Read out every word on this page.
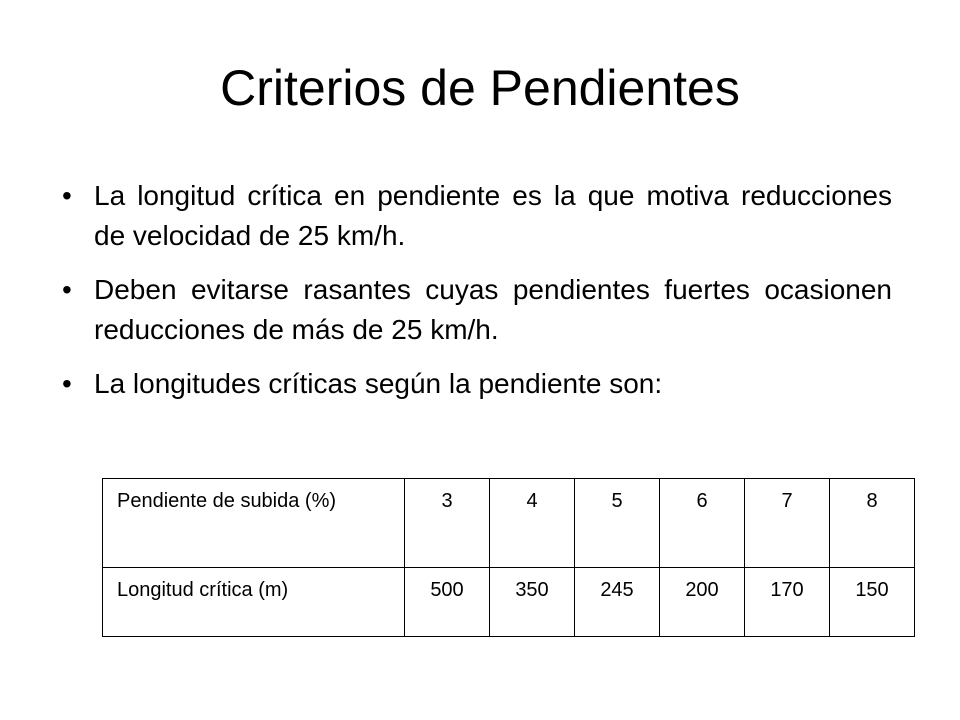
Criterios de Pendientes
• La longitud crítica en pendiente es la que motiva reducciones de velocidad de 25 km/h.
• Deben evitarse rasantes cuyas pendientes fuertes ocasionen reducciones de más de 25 km/h.
• La longitudes críticas según la pendiente son:
Pendiente de subida (%)	3	4	5	6	7	8
Longitud crítica (m)	500	350	245	200	170	150
